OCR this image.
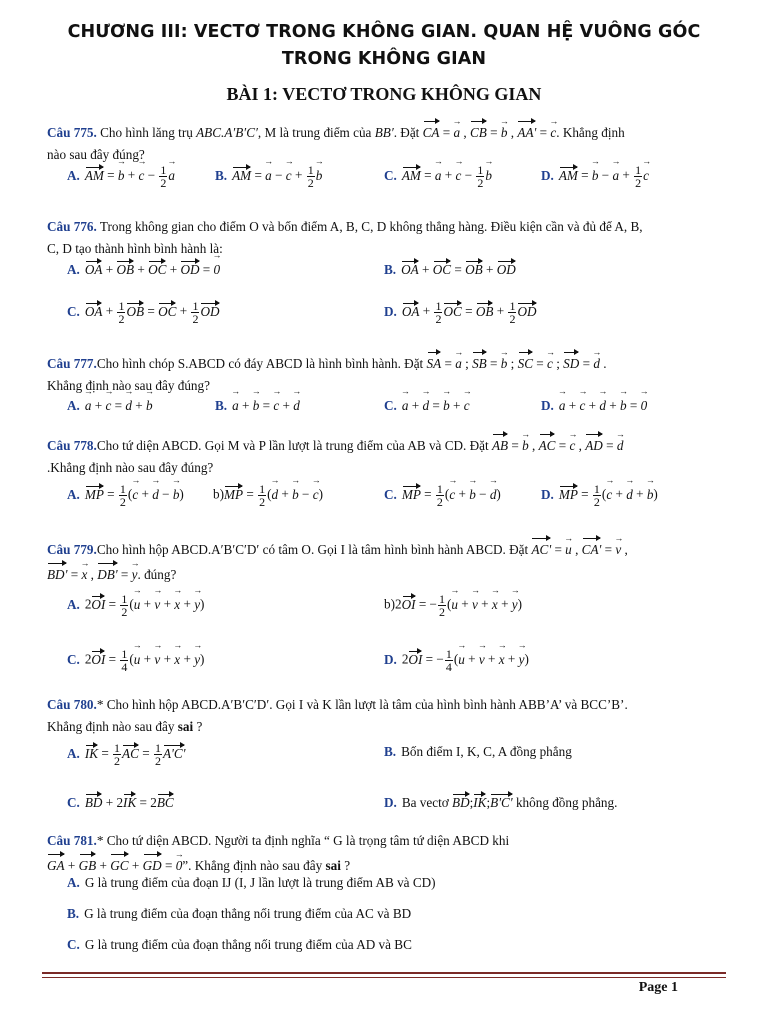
CHƯƠNG III: VECTƠ TRONG KHÔNG GIAN. QUAN HỆ VUÔNG GÓC
TRONG KHÔNG GIAN
BÀI 1: VECTƠ TRONG KHÔNG GIAN
Câu 775. Cho hình lăng trụ ABC.A′B′C′, M là trung điểm của BB′. Đặt CA = a → , CB = b → , AA' = c →. Khẳng định
nào sau đây đúng?
A. AM = b → + c → − $\frac{1}{2}$ a →	B. AM = a → − c → + $\frac{1}{2}$ b →	C. AM = a → + c → − $\frac{1}{2}$ b →	D. AM = b → − a → + $\frac{1}{2}$ c →
Câu 776. Trong không gian cho điểm O và bốn điểm A, B, C, D không thẳng hàng. Điều kiện cần và đủ để A, B,
C, D tạo thành hình bình hành là:
A. OA + OB + OC + OD = 0 →	B. OA + OC = OB + OD
C. OA + $\frac{1}{2}$ OB = OC + $\frac{1}{2}$ OD	D. OA + $\frac{1}{2}$ OC = OB + $\frac{1}{2}$ OD
Câu 777.Cho hình chóp S.ABCD có đáy ABCD là hình bình hành. Đặt SA = a → ; SB = b → ; SC = c → ; SD = d → .
Khẳng định nào sau đây đúng?
A. a → + c → = d → + b →	B. a → + b → = c → + d →	C. a → + d → = b → + c →	D. a → + c → + d → + b → = 0 →
Câu 778.Cho tứ diện ABCD. Gọi M và P lần lượt là trung điểm của AB và CD. Đặt AB = b → , AC = c → , AD = d →
.Khẳng định nào sau đây đúng?
A. MP = $\frac{1}{2} (c$ → + d → − b →) $b)MP = \frac{1}{2} (d$ → + b → − c →)	C. MP = $\frac{1}{2} (c$ → + b → − d →)	D. MP = $\frac{1}{2} (c$ → + d → + b →)
Câu 779.Cho hình hộp ABCD.A′B′C′D′ có tâm O. Gọi I là tâm hình bình hành ABCD. Đặt AC' = u → , CA' = v → ,
BD' = x → , DB' = y →. đúng?
A. $2OI = \frac{1}{2} (u$ → + v → + x → + y →)	b)2OI = − $\frac{1}{2} (u$ → + v → + x → + y →)
C. $2OI = \frac{1}{4} (u$ → + v → + x → + y →)	D. 2OI = − $\frac{1}{4} (u$ → + v → + x → + y →)
Câu 780.* Cho hình hộp ABCD.A′B′C′D′. Gọi I và K lần lượt là tâm của hình bình hành ABB’A’ và BCC’B’.
Khẳng định nào sau đây sai ?
A. IK = $\frac{1}{2}$ AC = $\frac{1}{2} A'C'$	B. Bốn điểm I, K, C, A đồng phẳng
C. BD + 2IK = 2BC	D. Ba vectơ BD;IK;B'C' không đồng phẳng.
Câu 781.* Cho tứ diện ABCD. Người ta định nghĩa “ G là trọng tâm tứ diện ABCD khi
GA + GB + GC + GD = 0 →”. Khẳng định nào sau đây sai ?
A. G là trung điểm của đoạn IJ (I, J lần lượt là trung điểm AB và CD)
B. G là trung điểm của đoạn thẳng nối trung điểm của AC và BD
C. G là trung điểm của đoạn thẳng nối trung điểm của AD và BC
Page 1
